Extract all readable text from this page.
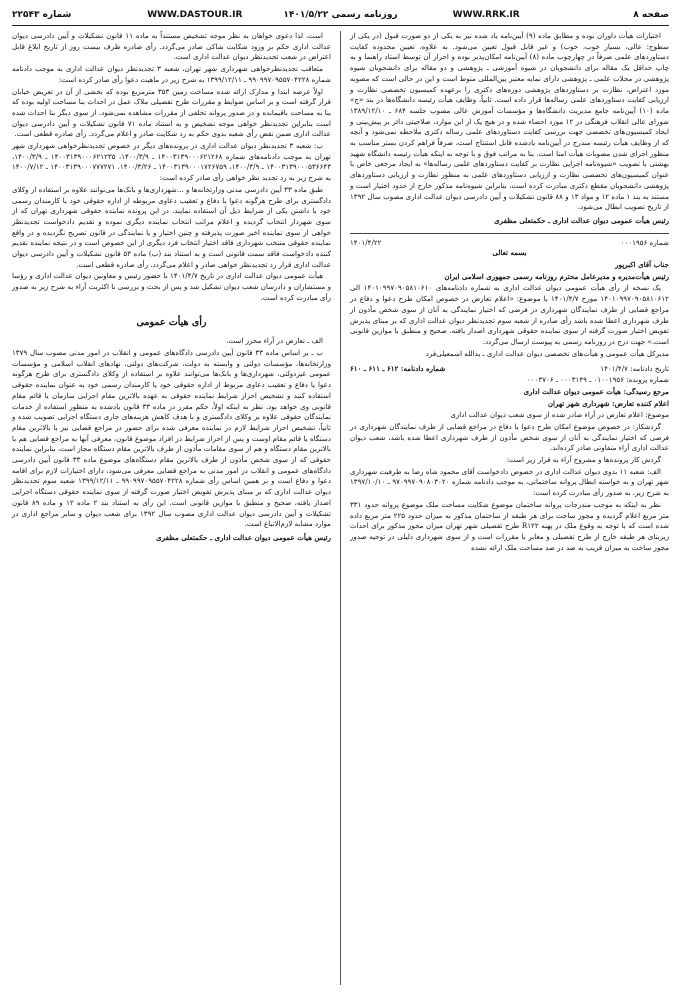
شماره ۲۲۵۴۳	WWW.DASTOUR.IR	۱۴۰۱/۵/۲۲ روزنامه رسمی	WWW.RRK.IR	صفحه ۸

اختیارات هیأت داوران بوده و مطابق ماده (۹) آیین‌نامه یاد شده نیز به یکی از دو صورت قبول (در یکی از سطوح: عالی، بسیار خوب، خوب) و غیر قابل قبول تعیین می‌شود. به علاوه، تعیین محدوده کفایت دستاوردهای علمی صرفاً در چهارچوب ماده (۸) آیین‌نامه امکان‌پذیر بوده و احراز آن توسط استاد راهنما و به چاپ حداقل یک مقاله برای دانشجویان در شیوه آموزشی ـ پژوهشی و دو مقاله برای دانشجویان شیوه پژوهشی در مجلات علمی ـ پژوهشی دارای نمایه معتبر بین‌المللی منوط است و این در حالی است که مصوبه مورد اعتراض، نظارت بر دستاوردهای پژوهشی دوره‌های دکتری را برعهده کمیسیون تخصصی نظارت و ارزیابی کفایت دستاوردهای علمی رساله‌ها قرار داده است. ثانیاً، وظایف هیأت رئیسه دانشگاه‌ها در بند «ج» ماده (۱۰) آیین‌نامه جامع مدیریت دانشگاه‌ها و مؤسسات آموزش عالی مصوب جلسه ۶۸۴ ـ ۱۳۸۹/۱۲/۱۰ شورای عالی انقلاب فرهنگی در ۱۲ مورد احصاء شده و در هیچ یک از این موارد، صلاحیتی دائر بر پیش‌بینی و ایجاد کمیسیون‌های تخصصی جهت بررسی کفایت دستاوردهای علمی رساله دکتری ملاحظه نمی‌شود و آنچه که از وظایف هیأت رئیسه مندرج در آیین‌نامه یادشده قابل استنتاج است، صرفاً فراهم کردن بستر مناسب به منظور اجرای شدن مصوبات هیأت امنا است. بنا به مراتب فوق و با توجه به اینکه هیأت رئیسه دانشگاه شهید بهشتی با تصویب «شیوه‌نامه اجرایی نظارت بر کفایت دستاوردهای علمی رساله‌ها» به ایجاد مرجعی خاص با عنوان کمیسیون‌های تخصصی نظارت و ارزیابی دستاوردهای علمی به منظور نظارت و ارزیابی دستاوردهای پژوهشی دانشجویان مقطع دکتری مبادرت کرده است، بنابراین شیوه‌نامه مذکور خارج از حدود اختیار است و مستند به بند ۱ ماده ۱۲ و مواد ۱۳ و ۸۸ قانون تشکیلات و آیین دادرسی دیوان عدالت اداری مصوب سال ۱۳۹۲ از تاریخ تصویب ابطال می‌شود.

رئیس هیأت عمومی دیوان عدالت اداری ـ حکمتعلی مظفری

شماره ۰۰۰۱۹۵۶
۱۴۰۱/۴/۲۲

بسمه تعالی

جناب آقای اکبرپور

رئیس هیأت‌مدیره و مدیرعامل محترم روزنامه رسمی جمهوری اسلامی ایران

یک نسخه از رأی هیأت عمومی دیوان عدالت اداری به شماره دادنامه‌های ۱۴۰۱۰۹۹۷۰۹۰۵۸۱۰۶۱۰ الی ۱۴۰۱۰۹۹۷۰۹۰۵۸۱۰۶۱۲ مورخ ۱۴۰۱/۴/۷ با موضوع: «اعلام تعارض در خصوص امکان طرح دعوا و دفاع در مراجع قضایی از طرف نمایندگان شهرداری در فرضی که اختیار نمایندگی به آنان از سوی شخص مأذون از طرف شهرداری اعطا شده باشد رأی صادره از شعبه سوم تجدیدنظر دیوان عدالت اداری که بر مبنای پذیرش تفویض اختیار صورت گرفته از سوی نماینده حقوقی شهرداری اصدار یافته، صحیح و منطبق با موازین قانونی است.» جهت درج در روزنامه رسمی به پیوست ارسال می‌گردد.

مدیرکل هیأت عمومی و هیأت‌های تخصصی دیوان عدالت اداری ـ یدالله اسمعیلی‌فرد

تاریخ دادنامه: ۱۴۰۱/۴/۷
شماره دادنامه: ۶۱۲ ـ ۶۱۱ ـ ۶۱۰

شماره پرونده: ۰۱۰۰۱۹۵۶ ـ ۰۰۰۳۱۴۹ ـ ۰۰۰۳۷۰۶

مرجع رسیدگی: هیأت عمومی دیوان عدالت اداری

اعلام کننده تعارض: شهرداری شهر تهران

موضوع: اعلام تعارض در آراء صادر شده از سوی شعب دیوان عدالت اداری

گردشکار: در خصوص موضوع امکان طرح دعوا یا دفاع در مراجع قضایی از طرف نمایندگان شهرداری در فرضی که اختیار نمایندگی به آنان از سوی شخص مأذون از طرف شهرداری اعطا شده باشد، شعب دیوان عدالت اداری آراء متفاوتی صادر کرده‌اند.

گردش کار پرونده‌ها و مشروح آراء به قرار زیر است:

الف: شعبه ۱۱ بدوی دیوان عدالت اداری در خصوص دادخواست آقای محمود شاه رضا به طرفیت شهرداری شهر تهران و به خواسته ابطال پروانه ساختمانی، به موجب دادنامه شماره ۹۷۰۹۹۷۰۹۰۸۰۳۰۲۰ ـ ۱۳۹۷/۱۰/۱۰ به شرح زیر، به صدور رأی مبادرت کرده است:

نظر به اینکه به موجب مندرجات پروانه ساختمان موضوع شکایت مساحت ملک موضوع پروانه حدود ۳۳۱ متر مربع اعلام گردیده و مجوز ساخت برای هر طبقه از ساختمان مذکور به میزان حدود ۲۲۵ متر مربع داده شده است که با توجه به وقوع ملک در پهنه R۱۲۲ طرح تفصیلی شهر تهران میزان مجوز مذکور برای احداث زیربنای هر طبقه خارج از طرح تفصیلی و مغایر با مقررات است و از سوی شهرداری دلیلی در توجیه صدور مجوز ساخت به میزان قریب به صد در صد مساحت ملک ارائه نشده

است. لذا دعوی خواهان به نظر موجه تشخیص مستنداً به ماده ۱۱ قانون تشکیلات و آیین دادرسی دیوان عدالت اداری حکم بر ورود شکایت شاکی صادر می‌گردد. رأی صادره ظرف بیست روز از تاریخ ابلاغ قابل اعتراض در شعب تجدیدنظر دیوان عدالت اداری است.

متعاقب تجدیدنظرخواهی شهرداری شهر تهران، شعبه ۳ تجدیدنظر دیوان عدالت اداری به موجب دادنامه شماره ۹۹۰۹۹۷۰۹۵۵۷۰۴۲۲۸ ـ ۱۳۹۹/۱۲/۱۱ به شرح زیر در ماهیت دعوا رأی صادر کرده است:

اولاً عرصه ابتدا و مدارک ارائه شده مساحت زمین ۳۵۳ مترمربع بوده که بخشی از آن در تعریض خیابان قرار گرفته است و بر اساس ضوابط و مقررات طرح تفصیلی ملاک عمل در احداث بنا مساحت اولیه بوده که بنا به مساحت باقیمانده و در صدور پروانه تخلفی از مقررات مشاهده نمی‌شود. از سوی دیگر بنا احداث شده است بنابراین تجدیدنظر خواهی موجه تشخیص و به استناد ماده ۷۱ قانون تشکیلات و آیین دادرسی دیوان عدالت اداری ضمن نقض رأی شعبه بدوی حکم به رد شکایت صادر و اعلام می‌گردد. رأی صادره قطعی است.

ب: شعبه ۳ تجدیدنظر دیوان عدالت اداری در پرونده‌های دیگر در خصوص تجدیدنظرخواهی شهرداری شهر تهران به موجب دادنامه‌های شماره ۱۴۰۰۳۱۳۹۰۰۰۶۲۱۲۶۸ ـ ۱۴۰۰/۳/۹، ۱۴۰۰۳۱۳۹۰۰۰۶۲۱۲۳۵ ـ ۱۴۰۰/۳/۹، ۱۴۰۰۳۱۳۹۰۰۰۵۳۶۶۴۳ ـ ۱۴۰۰/۳/۹، ۱۴۰۰۳۱۳۹۰۰۰۱۷۲۶۷۵۹ ـ ۱۴۰۰/۳/۲۶، ۱۴۰۰۳۱۳۹۰۰۰۷۷۷۲۷۱ ـ ۱۴۰۰/۷/۱۲ به شرح زیر به رد تجدید نظر خواهی رأی صادر کرده است:

طبق ماده ۳۳ آیین دادرسی مدنی وزارتخانه‌ها و ...شهرداری‌ها و بانک‌ها می‌توانند علاوه بر استفاده از وکلای دادگستری برای طرح هرگونه دعوا یا دفاع و تعقیب دعاوی مربوطه از اداره حقوقی خود یا کارمندان رسمی خود با داشتن یکی از شرایط ذیل آن استفاده نمایند. در این پرونده نماینده حقوقی شهرداری تهران که از سوی شهردار انتخاب گردیده و اعلام مراتب انتخاب نماینده دیگری نموده و تقدیم دادخواست تجدیدنظر خواهی از سوی نماینده اخیر صورت پذیرفته و چنین اختیار و یا نمایندگی در قانون تصریح نگردیده و در واقع نماینده حقوقی منتخب شهرداری فاقد اختیار انتخاب فرد دیگری از این خصوص است و در نتیجه نماینده تقدیم کننده دادخواست فاقد سمت قانونی است و به استناد بند (ب) ماده ۵۳ قانون تشکیلات و آیین دادرسی دیوان عدالت اداری قرار رد تجدیدنظر خواهی صادر و اعلام می‌گردد. رأی صادره قطعی است.

هیأت عمومی دیوان عدالت اداری در تاریخ ۱۴۰۱/۴/۷ با حضور رئیس و معاونین دیوان عدالت اداری و رؤسا و مستشاران و دادرسان شعب دیوان تشکیل شد و پس از بحث و بررسی با اکثریت آراء به شرح زیر به صدور رأی مبادرت کرده است.

رأی هیأت عمومی

الف ـ تعارض در آراء محرز است.

ب ـ بر اساس ماده ۳۳ قانون آیین دادرسی دادگاه‌های عمومی و انقلاب در امور مدنی مصوب سال ۱۳۷۹ وزارتخانه‌ها، مؤسسات دولتی و وابسته به دولت، شرکت‌های دولتی، نهادهای انقلاب اسلامی و مؤسسات عمومی غیردولتی، شهرداری‌ها و بانک‌ها می‌توانند علاوه بر استفاده از وکلای دادگستری برای طرح هرگونه دعوا یا دفاع و تعقیب دعاوی مربوط از اداره حقوقی خود یا کارمندان رسمی خود به عنوان نماینده حقوقی استفاده کنند و تشخیص احراز شرایط نماینده حقوقی به عهده بالاترین مقام اجرایی سازمان یا قائم مقام قانونی وی خواهد بود. نظر به اینکه اولاً، حکم مقرر در ماده ۳۳ قانون یادشده به منظور استفاده از خدمات نمایندگان حقوقی علاوه بر وکلای دادگستری و با هدف کاهش هزینه‌های جاری دستگاه اجرایی تصویب شده و ثانیاً، تشخیص احراز شرایط لازم در نماینده معرفی شده برای حضور در مراجع قضایی نیز با بالاترین مقام دستگاه یا قائم مقام اوست و پس از احراز شرایط در افراد موضوع قانون، معرفی آنها به مراجع قضایی هم با بالاترین مقام دستگاه و هم از سوی مقامات مأذون از طرف بالاترین مقام دستگاه مجاز است، بنابراین نماینده حقوقی که از سوی شخص مأذون از طرف بالاترین مقام دستگاه‌های موضوع ماده ۳۳ قانون آیین دادرسی دادگاه‌های عمومی و انقلاب در امور مدنی به مراجع قضایی معرفی می‌شود، دارای اختیارات لازم برای اقامه دعوا و دفاع است و بر همین اساس رأی شماره ۹۹۰۹۹۷۰۹۵۵۷۰۴۲۲۸ ـ ۱۳۹۹/۱۲/۱۱ شعبه سوم تجدیدنظر دیوان عدالت اداری که بر مبنای پذیرش تفویض اختیار صورت گرفته از سوی نماینده حقوقی دستگاه اجرایی اصدار یافته، صحیح و منطبق با موازین قانونی است. این رأی به استناد بند ۲ ماده ۱۲ و ماده ۸۹ قانون تشکیلات و آیین دادرسی دیوان عدالت اداری مصوب سال ۱۳۹۲ برای شعب دیوان و سایر مراجع اداری در موارد مشابه لازم‌الاتباع است.

رئیس هیأت عمومی دیوان عدالت اداری ـ حکمتعلی مظفری
